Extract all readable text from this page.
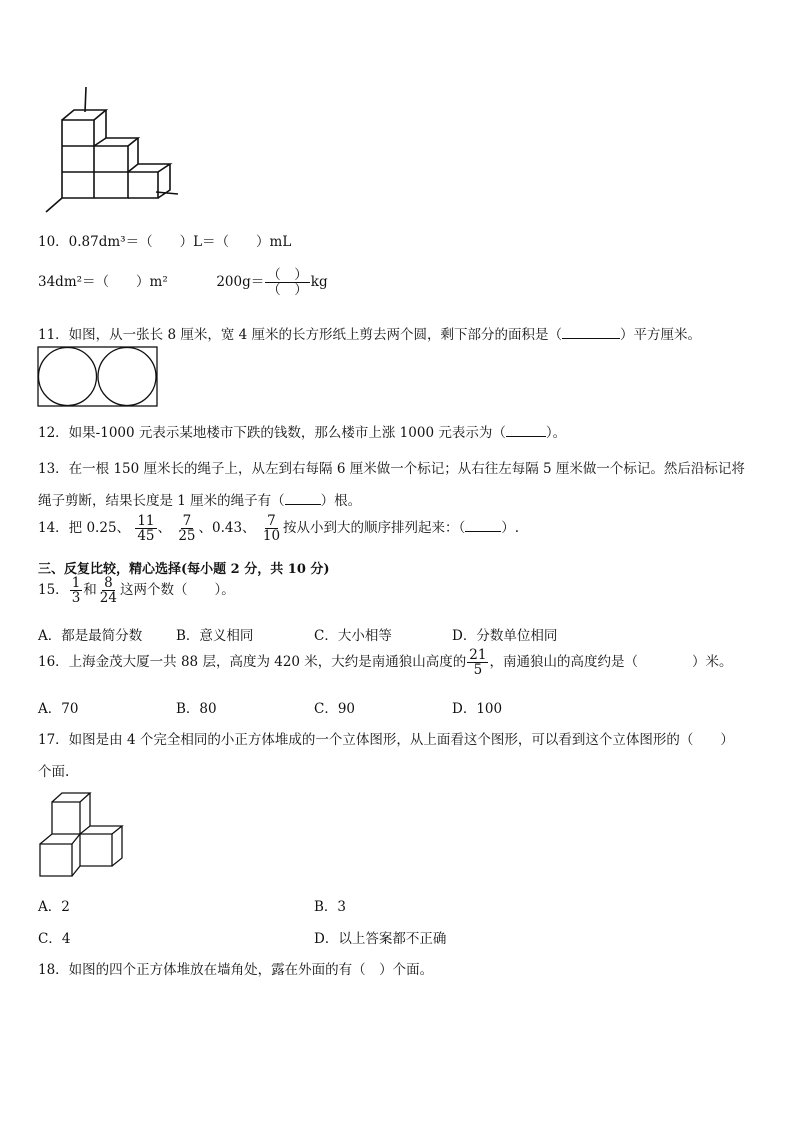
10．0.87dm³＝（　　）L＝（　　）mL
34dm²＝（　　）m²	$200g= \frac{( )}{( )}$ kg
11．如图，从一张长 8 厘米，宽 4 厘米的长方形纸上剪去两个圆，剩下部分的面积是（	）平方厘米。
12．如果-1000 元表示某地楼市下跌的钱数，那么楼市上涨 1000 元表示为（	）。
13．在一根 150 厘米长的绳子上，从左到右每隔 6 厘米做一个标记；从右往左每隔 5 厘米做一个标记。然后沿标记将
绳子剪断，结果长度是 1 厘米的绳子有（	）根。
14．把 0.25、 $\frac{11}{45}$ 、 $\frac{7}{25}$ 、0.43、 $\frac{7}{10}$ 按从小到大的顺序排列起来：（	）.
三、反复比较，精心选择(每小题 2 分，共 10 分)
15． $\frac{1}{3}$ 和 $\frac{8}{24}$ 这两个数（　　）。
A．都是最简分数	B．意义相同	C．大小相等	D．分数单位相同
16．上海金茂大厦一共 88 层，高度为 420 米，大约是南通狼山高度的 $\frac{21}{5}$ ，南通狼山的高度约是（　　　　）米。
A．70	B．80	C．90	D．100
17．如图是由 4 个完全相同的小正方体堆成的一个立体图形，从上面看这个图形，可以看到这个立体图形的（　　）
个面.
A．2	B．3
C．4	D．以上答案都不正确
18．如图的四个正方体堆放在墙角处，露在外面的有（　）个面。
